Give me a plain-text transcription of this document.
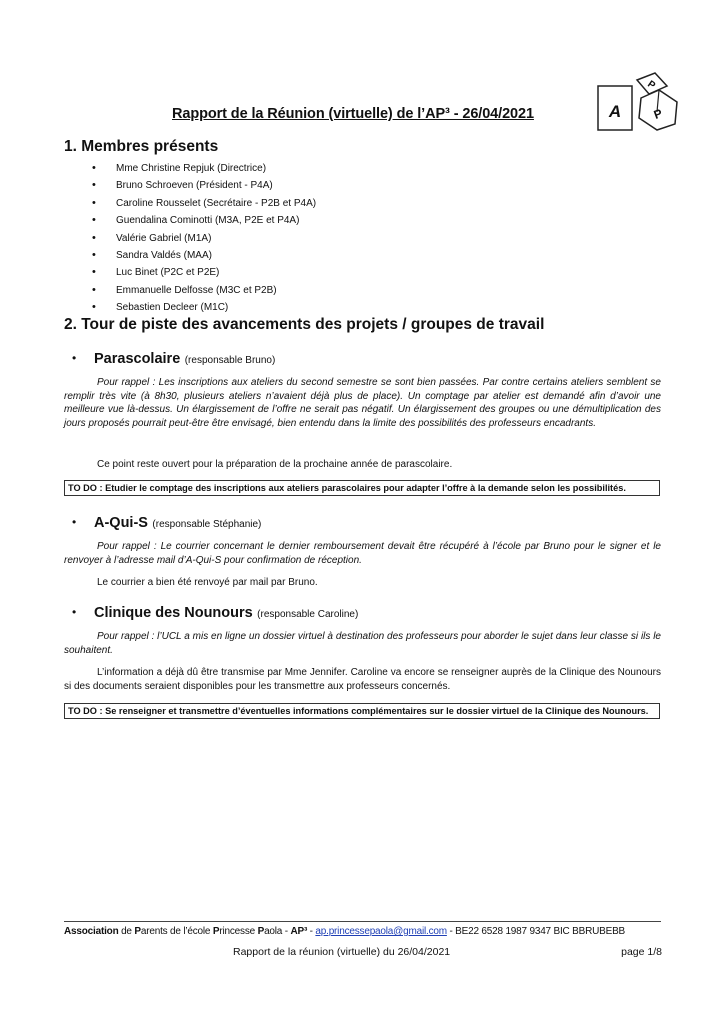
Rapport de la Réunion (virtuelle) de l’AP³ - 26/04/2021	A
P
P
1. Membres présents
• Mme Christine Repjuk (Directrice)
• Bruno Schroeven (Président - P4A)
• Caroline Rousselet (Secrétaire - P2B et P4A)
• Guendalina Cominotti (M3A, P2E et P4A)
• Valérie Gabriel (M1A)
• Sandra Valdés (MAA)
• Luc Binet (P2C et P2E)
• Emmanuelle Delfosse (M3C et P2B)
• Sebastien Decleer (M1C)
2. Tour de piste des avancements des projets / groupes de travail
• Parascolaire (responsable Bruno)

Pour rappel : Les inscriptions aux ateliers du second semestre se sont bien passées. Par contre certains ateliers semblent se remplir très vite (à 8h30, plusieurs ateliers n’avaient déjà plus de place). Un comptage par atelier est demandé afin d’avoir une meilleure vue là-dessus. Un élargissement de l’offre ne serait pas négatif. Un élargissement des groupes ou une démultiplication des jours proposés pourrait peut-être être envisagé, bien entendu dans la limite des possibilités des professeurs encadrants.

Ce point reste ouvert pour la préparation de la prochaine année de parascolaire.

TO DO : Etudier le comptage des inscriptions aux ateliers parascolaires pour adapter l’offre à la demande selon les possibilités.
• A-Qui-S (responsable Stéphanie)

Pour rappel : Le courrier concernant le dernier remboursement devait être récupéré à l’école par Bruno pour le signer et le renvoyer à l’adresse mail d’A-Qui-S pour confirmation de réception.

Le courrier a bien été renvoyé par mail par Bruno.

• Clinique des Nounours (responsable Caroline)

Pour rappel : l’UCL a mis en ligne un dossier virtuel à destination des professeurs pour aborder le sujet dans leur classe si ils le souhaitent.

L’information a déjà dû être transmise par Mme Jennifer. Caroline va encore se renseigner auprès de la Clinique des Nounours si des documents seraient disponibles pour les transmettre aux professeurs concernés.

TO DO : Se renseigner et transmettre d’éventuelles informations complémentaires sur le dossier virtuel de la Clinique des Nounours.
Association de Parents de l’école Princesse Paola - AP³ - ap.princessepaola@gmail.com - BE22 6528 1987 9347 BIC BBRUBEBB
Rapport de la réunion (virtuelle) du 26/04/2021	page 1/8
